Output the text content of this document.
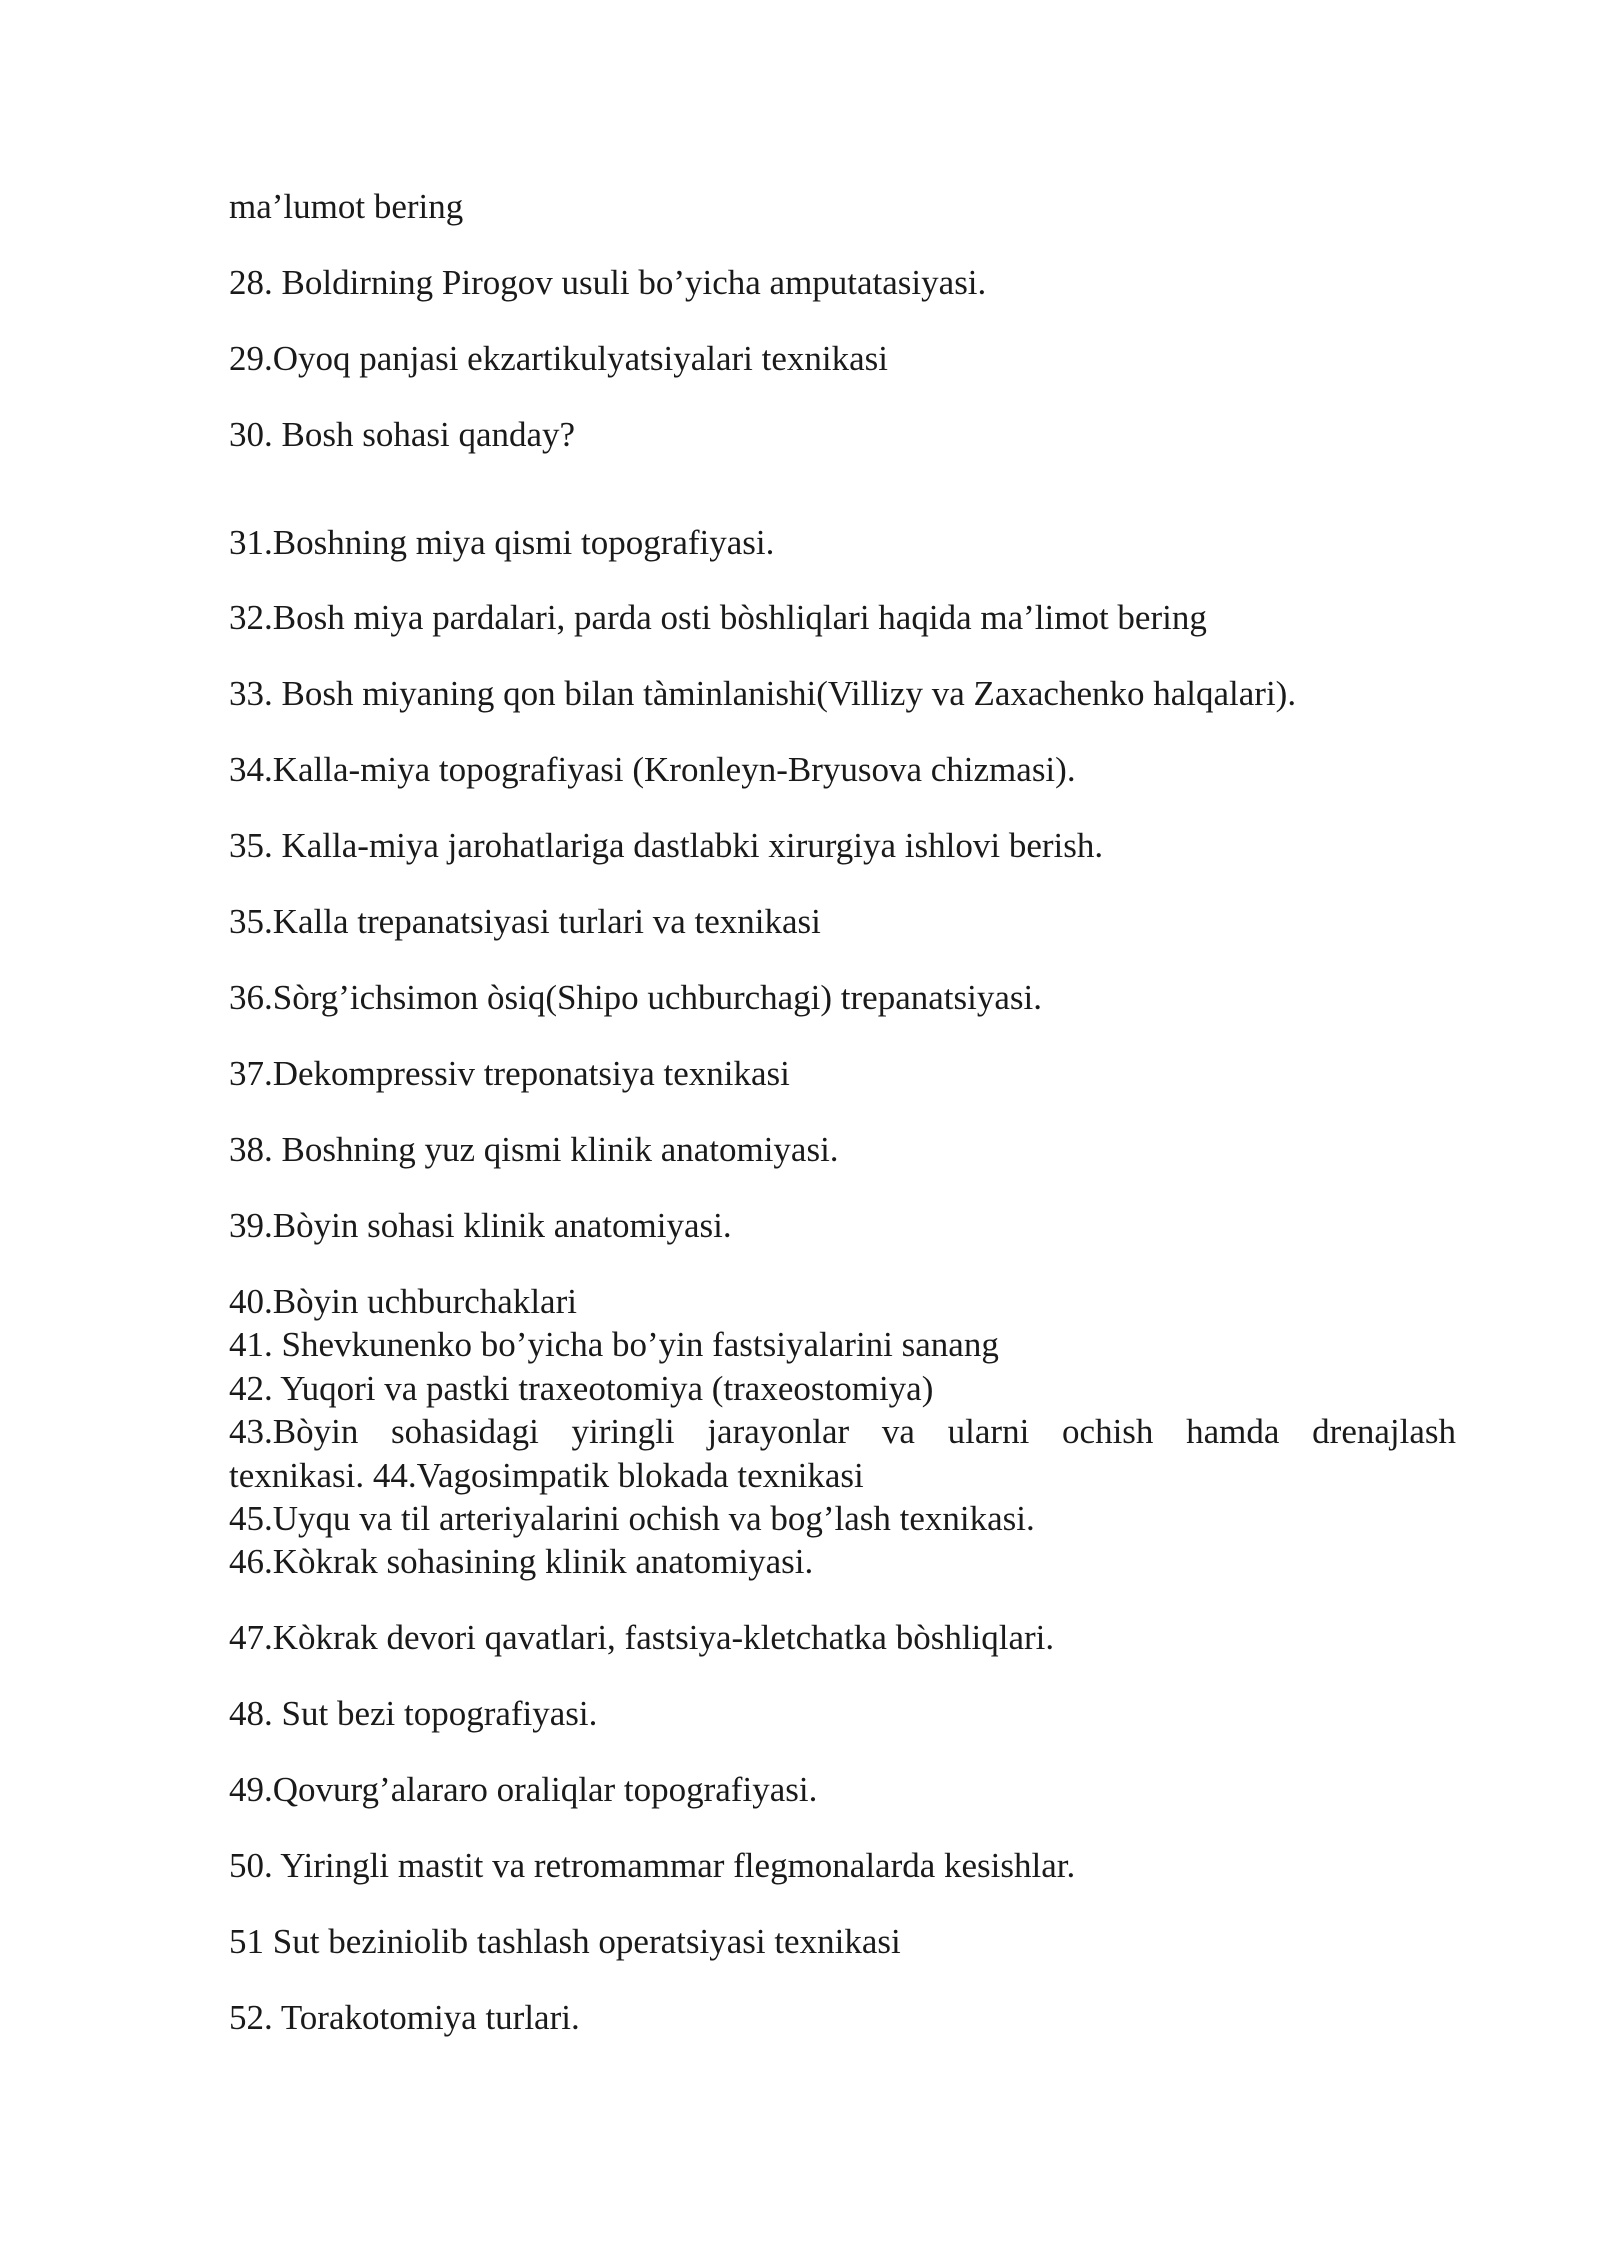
ma’lumot bering
28. Boldirning Pirogov usuli bo’yicha amputatasiyasi.
29.Oyoq panjasi ekzartikulyatsiyalari texnikasi
30. Bosh sohasi qanday?
31.Boshning miya qismi topografiyasi.
32.Bosh miya pardalari, parda osti bòshliqlari haqida ma’limot bering
33. Bosh miyaning qon bilan tàminlanishi(Villizy va Zaxachenko halqalari).
34.Kalla-miya topografiyasi (Kronleyn-Bryusova chizmasi).
35. Kalla-miya jarohatlariga dastlabki xirurgiya ishlovi berish.
35.Kalla trepanatsiyasi turlari va texnikasi
36.Sòrg’ichsimon òsiq(Shipo uchburchagi) trepanatsiyasi.
37.Dekompressiv treponatsiya texnikasi
38. Boshning yuz qismi klinik anatomiyasi.
39.Bòyin sohasi klinik anatomiyasi.
40.Bòyin uchburchaklari
41. Shevkunenko bo’yicha bo’yin fastsiyalarini sanang
42. Yuqori va pastki traxeotomiya (traxeostomiya)
43.Bòyin sohasidagi yiringli jarayonlar va ularni ochish hamda drenajlash
texnikasi. 44.Vagosimpatik blokada texnikasi
45.Uyqu va til arteriyalarini ochish va bog’lash texnikasi.
46.Kòkrak sohasining klinik anatomiyasi.
47.Kòkrak devori qavatlari, fastsiya-kletchatka bòshliqlari.
48. Sut bezi topografiyasi.
49.Qovurg’alararo oraliqlar topografiyasi.
50. Yiringli mastit va retromammar flegmonalarda kesishlar.
51 Sut beziniolib tashlash operatsiyasi texnikasi
52. Torakotomiya turlari.
